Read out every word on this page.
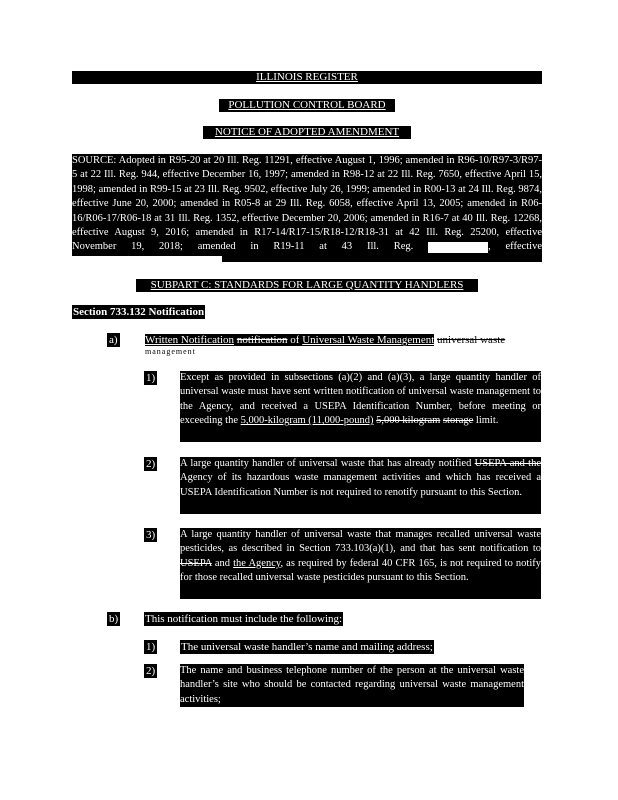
ILLINOIS REGISTER
POLLUTION CONTROL BOARD
NOTICE OF ADOPTED AMENDMENT
SOURCE: Adopted in R95-20 at 20 Ill. Reg. 11291, effective August 1, 1996; amended in R96-10/R97-3/R97-5 at 22 Ill. Reg. 944, effective December 16, 1997; amended in R98-12 at 22 Ill. Reg. 7650, effective April 15, 1998; amended in R99-15 at 23 Ill. Reg. 9502, effective July 26, 1999; amended in R00-13 at 24 Ill. Reg. 9874, effective June 20, 2000; amended in R05-8 at 29 Ill. Reg. 6058, effective April 13, 2005; amended in R06-16/R06-17/R06-18 at 31 Ill. Reg. 1352, effective December 20, 2006; amended in R16-7 at 40 Ill. Reg. 12268, effective August 9, 2016; amended in R17-14/R17-15/R18-12/R18-31 at 42 Ill. Reg. 25200, effective November 19, 2018; amended in R19-11 at 43 Ill. Reg.	, effective .
SUBPART C: STANDARDS FOR LARGE QUANTITY HANDLERS
Section 733.132 Notification
a) Written Notification notification of Universal Waste Management universal waste
management
1) Except as provided in subsections (a)(2) and (a)(3), a large quantity handler of universal waste must have sent written notification of universal waste management to the Agency, and received a USEPA Identification Number, before meeting or exceeding the 5,000-kilogram (11,000-pound) 5,000 kilogram storage limit.
2) A large quantity handler of universal waste that has already notified USEPA and the Agency of its hazardous waste management activities and which has received a USEPA Identification Number is not required to renotify pursuant to this Section.
3) A large quantity handler of universal waste that manages recalled universal waste pesticides, as described in Section 733.103(a)(1), and that has sent notification to USEPA and the Agency, as required by federal 40 CFR 165, is not required to notify for those recalled universal waste pesticides pursuant to this Section.
b) This notification must include the following:
1) The universal waste handler’s name and mailing address;
2) The name and business telephone number of the person at the universal waste handler’s site who should be contacted regarding universal waste management activities;
